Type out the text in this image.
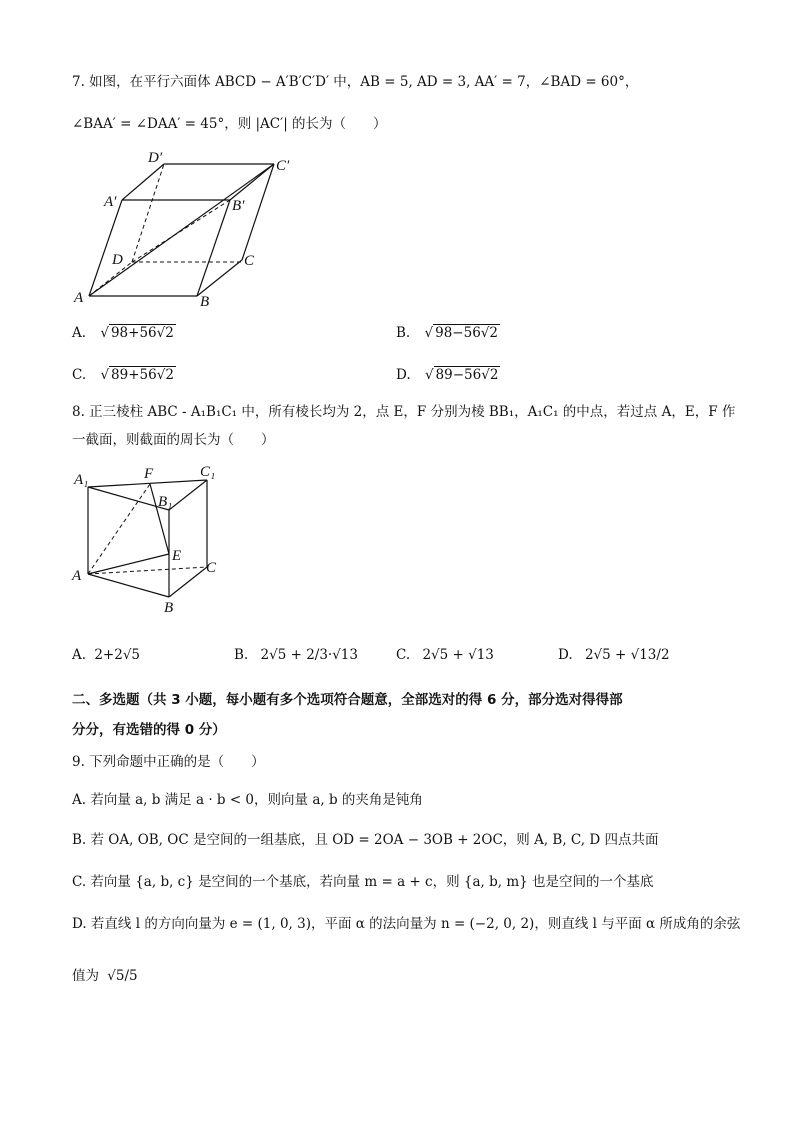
7. 如图，在平行六面体 ABCD − A′B′C′D′ 中，AB = 5, AD = 3, AA′ = 7，∠BAD = 60°，
∠BAA′ = ∠DAA′ = 45°，则 |AC′| 的长为（　　）
D′	C′
A′	B′
D	C
A	B
A. √ 98+56√2	B. √ 98−56√2
C. √ 89+56√2	D. √ 89−56√2
8. 正三棱柱 ABC - A₁B₁C₁ 中，所有棱长均为 2，点 E，F 分别为棱 BB₁，A₁C₁ 的中点，若过点 A，E，F 作
一截面，则截面的周长为（　　）
A₁	F	C₁
B₁
E
A	C
B
A. 2+2√5	B. 2√5 + 2/3·√13	C. 2√5 + √13	D. 2√5 + √13/2
二、多选题（共 3 小题，每小题有多个选项符合题意，全部选对的得 6 分，部分选对得得部
分分，有选错的得 0 分）
9. 下列命题中正确的是（　　）
A. 若向量 a, b 满足 a · b < 0，则向量 a, b 的夹角是钝角
B. 若 OA, OB, OC 是空间的一组基底，且 OD = 2OA − 3OB + 2OC，则 A, B, C, D 四点共面
C. 若向量 {a, b, c} 是空间的一个基底，若向量 m = a + c，则 {a, b, m} 也是空间的一个基底
D. 若直线 l 的方向向量为 e = (1, 0, 3)，平面 α 的法向量为 n = (−2, 0, 2)，则直线 l 与平面 α 所成角的余弦
值为 √5/5
